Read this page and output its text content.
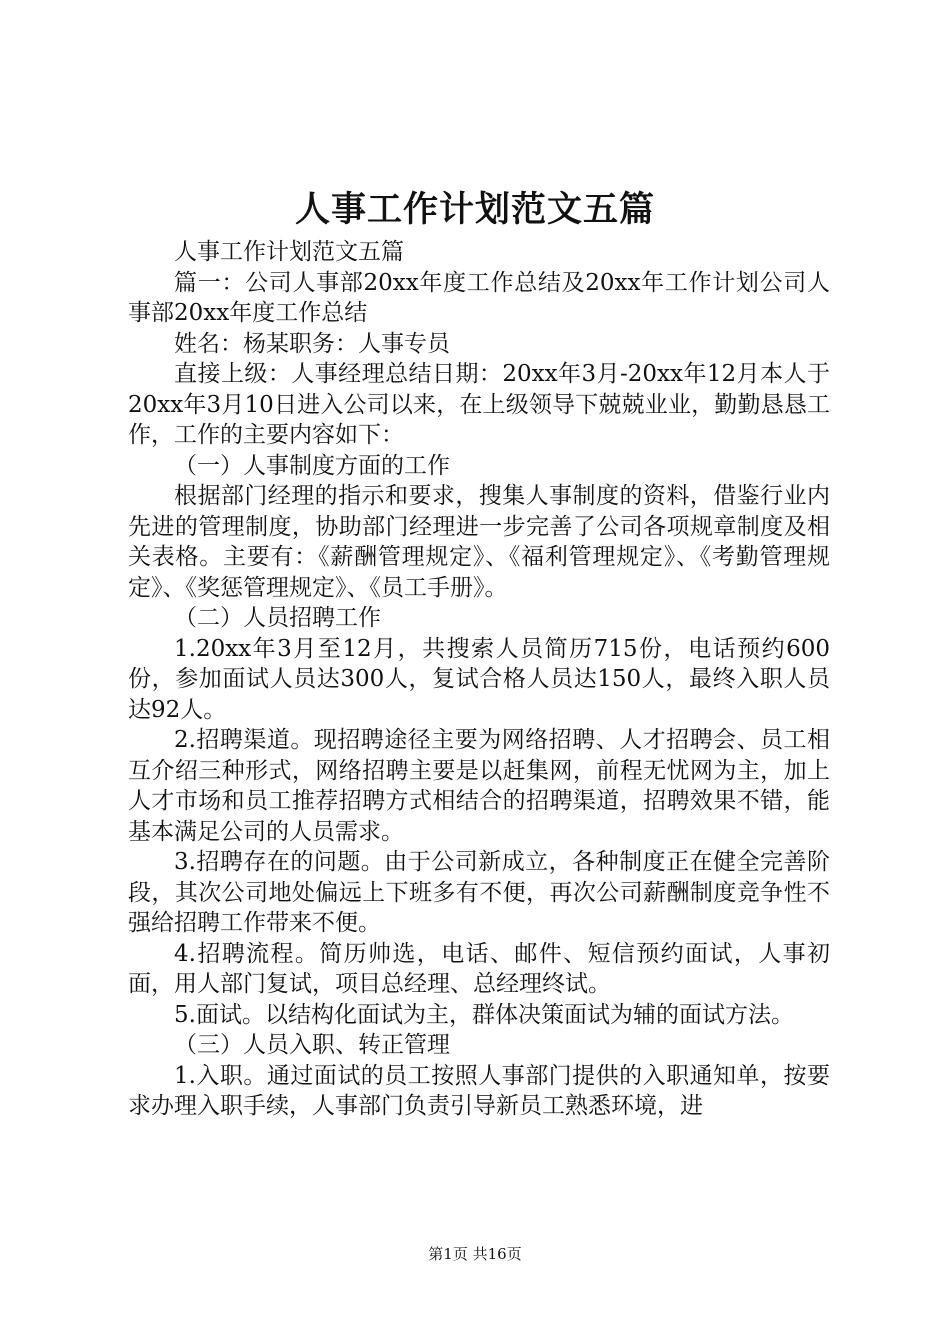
人事工作计划范文五篇

人事工作计划范文五篇

篇一：公司人事部20xx年度工作总结及20xx年工作计划公司人事部20xx年度工作总结

姓名：杨某职务：人事专员

直接上级：人事经理总结日期：20xx年3月-20xx年12月本人于20xx年3月10日进入公司以来，在上级领导下兢兢业业，勤勤恳恳工作，工作的主要内容如下：

（一）人事制度方面的工作

根据部门经理的指示和要求，搜集人事制度的资料，借鉴行业内先进的管理制度，协助部门经理进一步完善了公司各项规章制度及相关表格。主要有：《薪酬管理规定》、《福利管理规定》、《考勤管理规定》、《奖惩管理规定》、《员工手册》。

（二）人员招聘工作

1.20xx年3月至12月，共搜索人员简历715份，电话预约600份，参加面试人员达300人，复试合格人员达150人，最终入职人员达92人。

2.招聘渠道。现招聘途径主要为网络招聘、人才招聘会、员工相互介绍三种形式，网络招聘主要是以赶集网，前程无忧网为主，加上人才市场和员工推荐招聘方式相结合的招聘渠道，招聘效果不错，能基本满足公司的人员需求。

3.招聘存在的问题。由于公司新成立，各种制度正在健全完善阶段，其次公司地处偏远上下班多有不便，再次公司薪酬制度竞争性不强给招聘工作带来不便。

4.招聘流程。简历帅选，电话、邮件、短信预约面试，人事初面，用人部门复试，项目总经理、总经理终试。

5.面试。以结构化面试为主，群体决策面试为辅的面试方法。

（三）人员入职、转正管理

1.入职。通过面试的员工按照人事部门提供的入职通知单，按要求办理入职手续，人事部门负责引导新员工熟悉环境，进

第1页 共16页
